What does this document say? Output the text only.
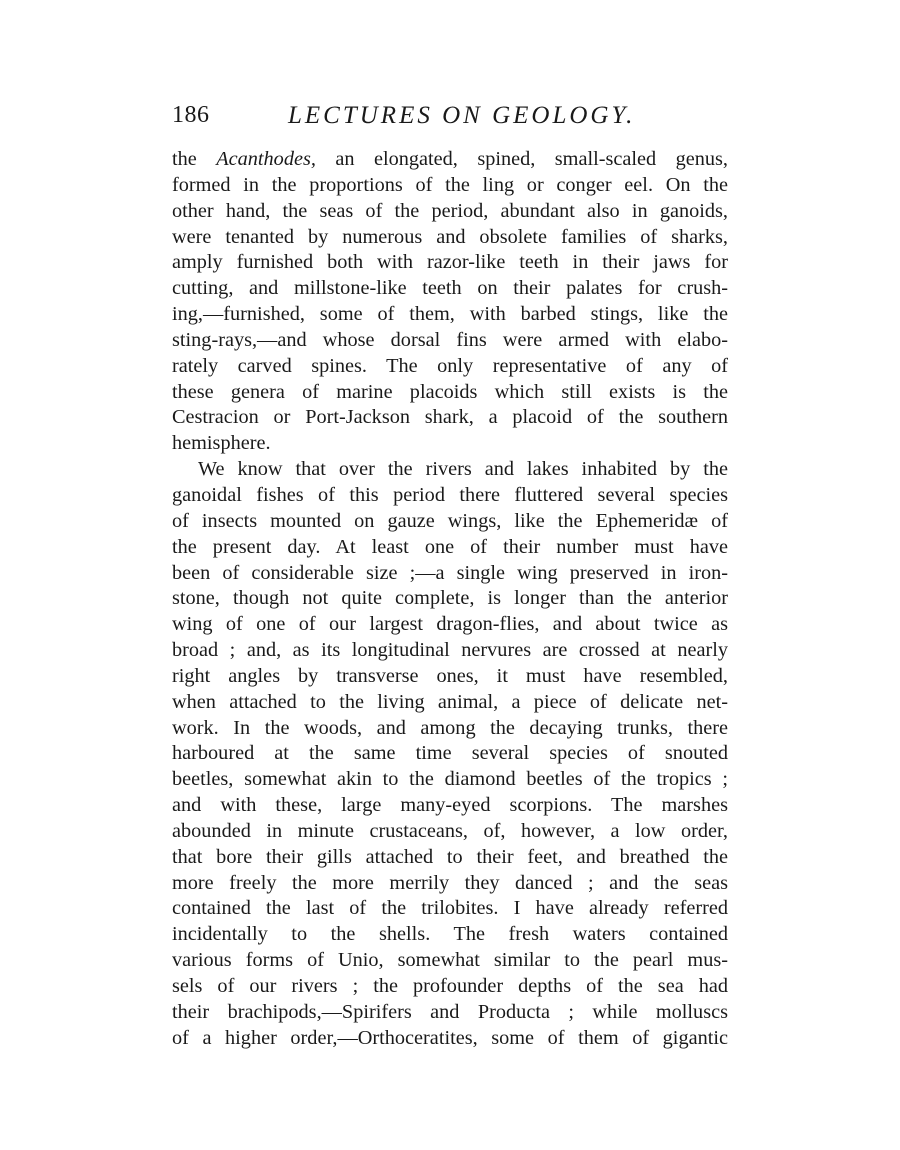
186	LECTURES ON GEOLOGY.

the Acanthodes, an elongated, spined, small-scaled genus,
formed in the proportions of the ling or conger eel. On the
other hand, the seas of the period, abundant also in ganoids,
were tenanted by numerous and obsolete families of sharks,
amply furnished both with razor-like teeth in their jaws for
cutting, and millstone-like teeth on their palates for crush-
ing,—furnished, some of them, with barbed stings, like the
sting-rays,—and whose dorsal fins were armed with elabo-
rately carved spines. The only representative of any of
these genera of marine placoids which still exists is the
Cestracion or Port-Jackson shark, a placoid of the southern
hemisphere.

We know that over the rivers and lakes inhabited by the
ganoidal fishes of this period there fluttered several species
of insects mounted on gauze wings, like the Ephemeridæ of
the present day. At least one of their number must have
been of considerable size ;—a single wing preserved in iron-
stone, though not quite complete, is longer than the anterior
wing of one of our largest dragon-flies, and about twice as
broad ; and, as its longitudinal nervures are crossed at nearly
right angles by transverse ones, it must have resembled,
when attached to the living animal, a piece of delicate net-
work. In the woods, and among the decaying trunks, there
harboured at the same time several species of snouted
beetles, somewhat akin to the diamond beetles of the tropics ;
and with these, large many-eyed scorpions. The marshes
abounded in minute crustaceans, of, however, a low order,
that bore their gills attached to their feet, and breathed the
more freely the more merrily they danced ; and the seas
contained the last of the trilobites. I have already referred
incidentally to the shells. The fresh waters contained
various forms of Unio, somewhat similar to the pearl mus-
sels of our rivers ; the profounder depths of the sea had
their brachipods,—Spirifers and Producta ; while molluscs
of a higher order,—Orthoceratites, some of them of gigantic
